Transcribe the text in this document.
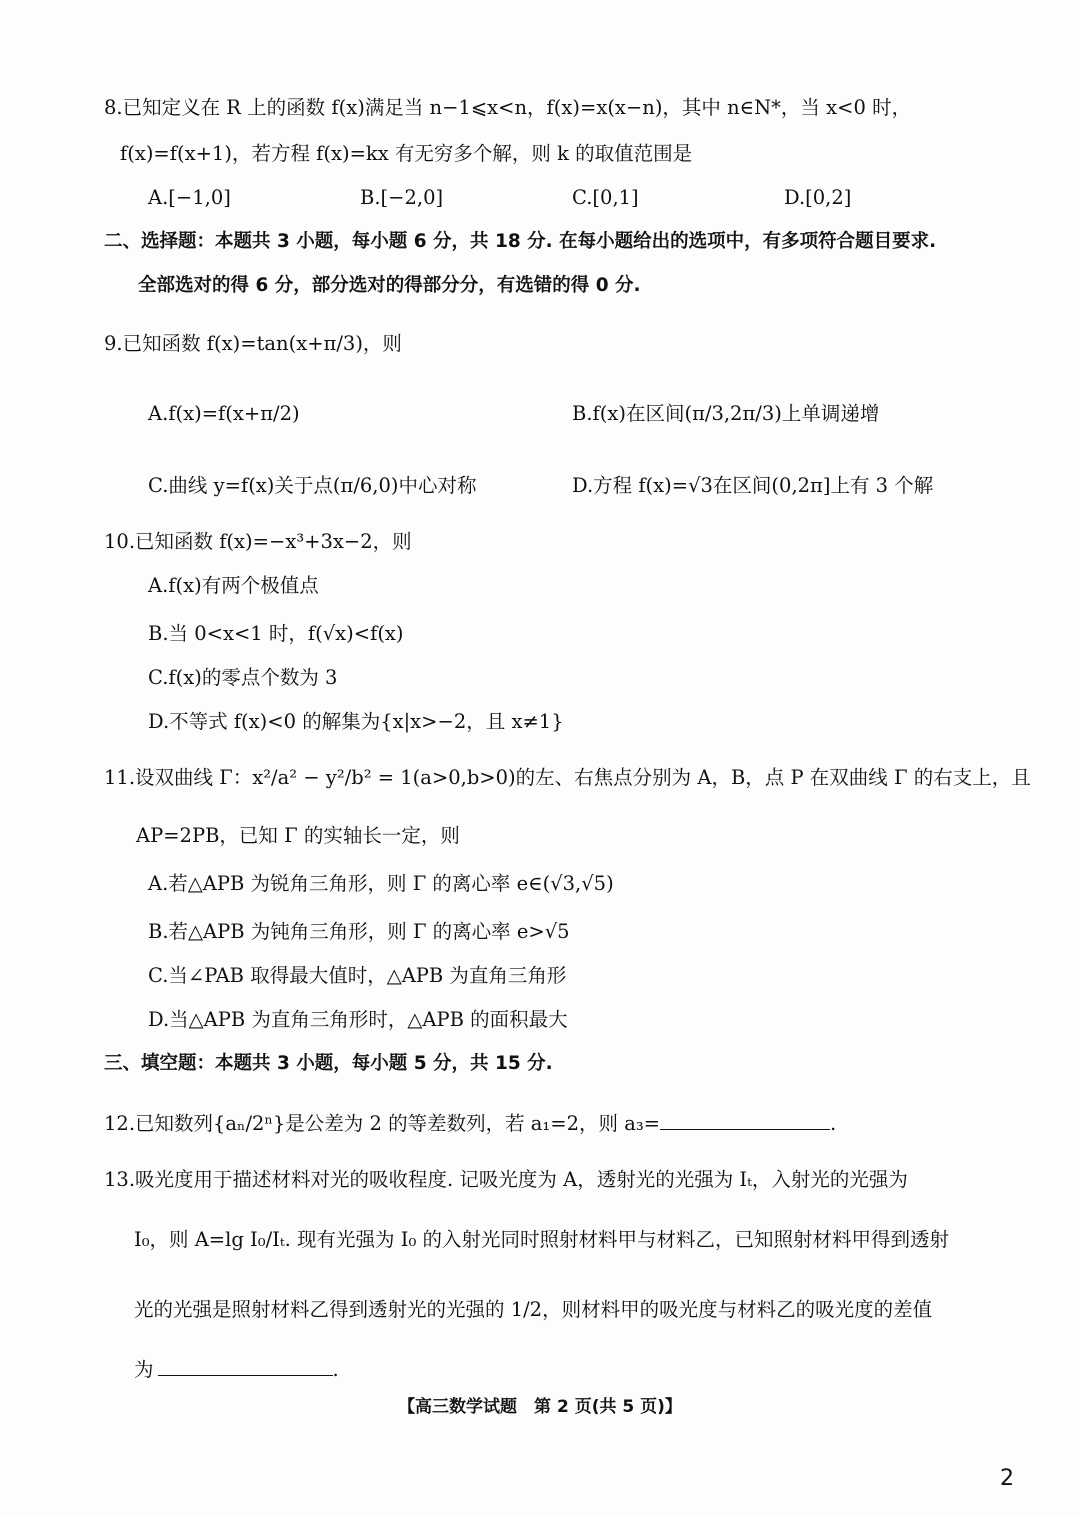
8.已知定义在 R 上的函数 f(x)满足当 n−1⩽x<n，f(x)=x(x−n)，其中 n∈N*，当 x<0 时，
f(x)=f(x+1)，若方程 f(x)=kx 有无穷多个解，则 k 的取值范围是
A.[−1,0]	B.[−2,0]	C.[0,1]	D.[0,2]
二、选择题：本题共 3 小题，每小题 6 分，共 18 分. 在每小题给出的选项中，有多项符合题目要求.
全部选对的得 6 分，部分选对的得部分分，有选错的得 0 分.
9.已知函数 f(x)=tan(x+π/3)，则
A.f(x)=f(x+π/2)	B.f(x)在区间(π/3,2π/3)上单调递增
C.曲线 y=f(x)关于点(π/6,0)中心对称	D.方程 f(x)=√3在区间(0,2π]上有 3 个解
10.已知函数 f(x)=−x³+3x−2，则
A.f(x)有两个极值点
B.当 0<x<1 时，f(√x)<f(x)
C.f(x)的零点个数为 3
D.不等式 f(x)<0 的解集为{x|x>−2，且 x≠1}
11.设双曲线 Γ：x²/a² − y²/b² = 1(a>0,b>0)的左、右焦点分别为 A，B，点 P 在双曲线 Γ 的右支上，且
AP=2PB，已知 Γ 的实轴长一定，则
A.若△APB 为锐角三角形，则 Γ 的离心率 e∈(√3,√5)
B.若△APB 为钝角三角形，则 Γ 的离心率 e>√5
C.当∠PAB 取得最大值时，△APB 为直角三角形
D.当△APB 为直角三角形时，△APB 的面积最大
三、填空题：本题共 3 小题，每小题 5 分，共 15 分.
12.已知数列{aₙ/2ⁿ}是公差为 2 的等差数列，若 a₁=2，则 a₃=	.
13.吸光度用于描述材料对光的吸收程度. 记吸光度为 A，透射光的光强为 Iₜ，入射光的光强为
I₀，则 A=lg I₀/Iₜ. 现有光强为 I₀ 的入射光同时照射材料甲与材料乙，已知照射材料甲得到透射
光的光强是照射材料乙得到透射光的光强的 1/2，则材料甲的吸光度与材料乙的吸光度的差值
为	.
【高三数学试题　第 2 页(共 5 页)】
2
